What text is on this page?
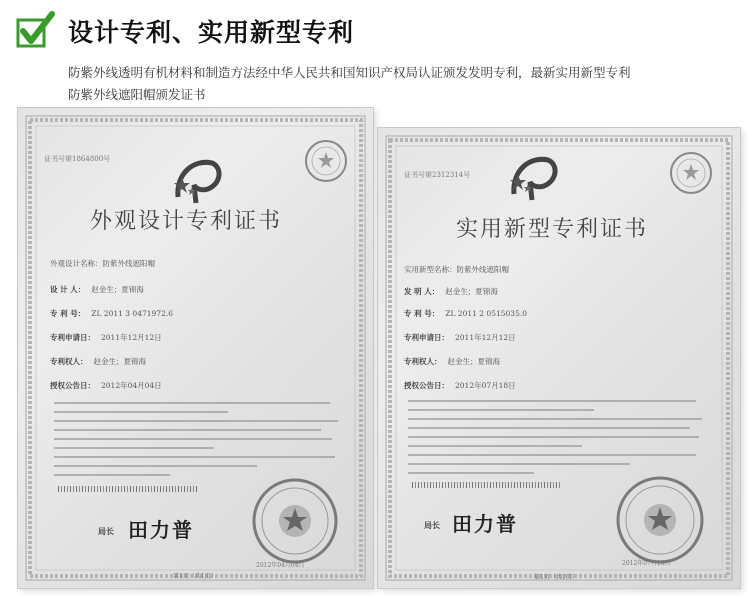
设计专利、实用新型专利

防紫外线透明有机材料和制造方法经中华人民共和国知识产权局认证颁发发明专利，最新实用新型专利

防紫外线遮阳帽颁发证书

证书号第1864800号
外观设计专利证书
外观设计名称：防紫外线遮阳帽
设 计 人： 赵金生；夏锦海
专 利 号： ZL 2011 3 0471972.6
专利申请日： 2011年12月12日
专利权人： 赵金生；夏锦海
授权公告日： 2012年04月04日
局长 田力普
2012年04月04日
第1页（共1页）
证书号第2312314号
实用新型专利证书
实用新型名称：防紫外线遮阳帽
发 明 人： 赵金生；夏锦海
专 利 号： ZL 2011 2 0515035.0
专利申请日： 2011年12月12日
专利权人： 赵金生；夏锦海
授权公告日： 2012年07月18日
局长 田力普
2012年07月18日
第1页（共1页）
